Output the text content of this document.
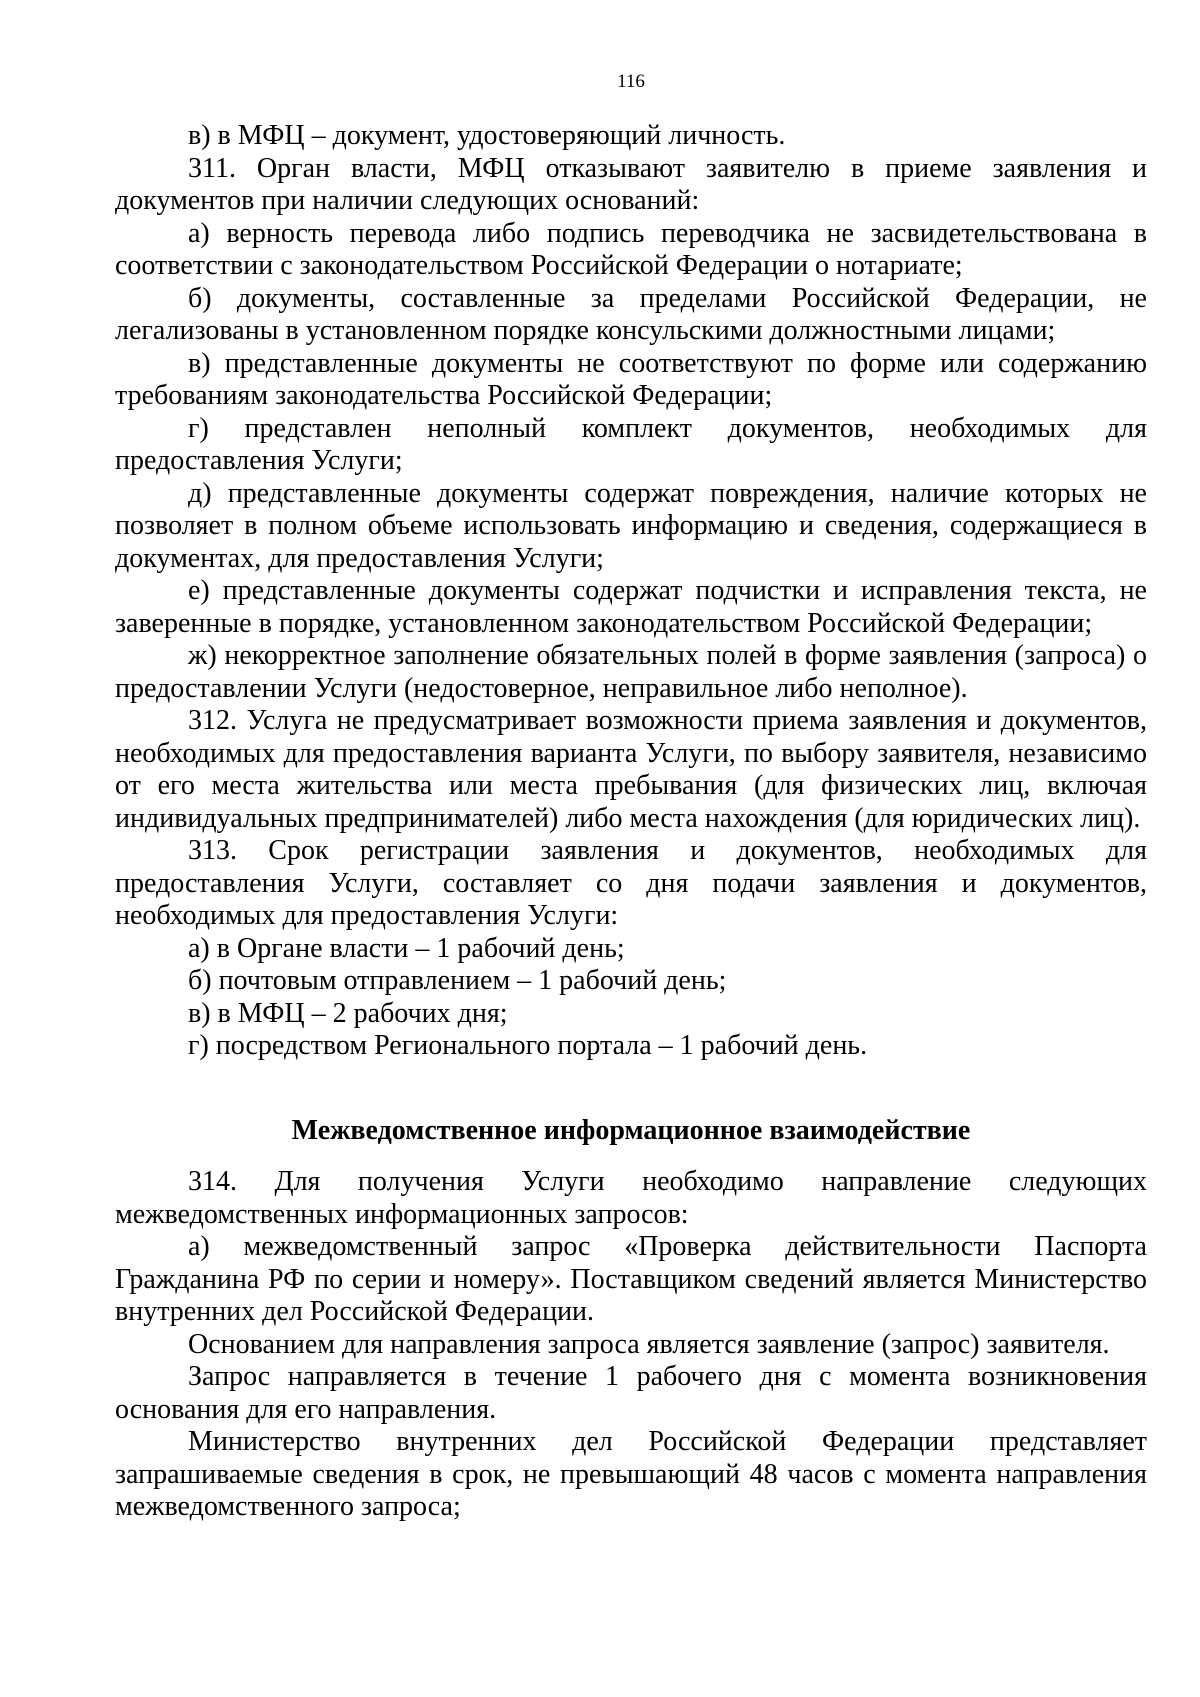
116

в) в МФЦ – документ, удостоверяющий личность.

311. Орган власти, МФЦ отказывают заявителю в приеме заявления и документов при наличии следующих оснований:

а) верность перевода либо подпись переводчика не засвидетельствована в соответствии с законодательством Российской Федерации о нотариате;

б) документы, составленные за пределами Российской Федерации, не легализованы в установленном порядке консульскими должностными лицами;

в) представленные документы не соответствуют по форме или содержанию требованиям законодательства Российской Федерации;

г) представлен неполный комплект документов, необходимых для предоставления Услуги;

д) представленные документы содержат повреждения, наличие которых не позволяет в полном объеме использовать информацию и сведения, содержащиеся в документах, для предоставления Услуги;

е) представленные документы содержат подчистки и исправления текста, не заверенные в порядке, установленном законодательством Российской Федерации;

ж) некорректное заполнение обязательных полей в форме заявления (запроса) о предоставлении Услуги (недостоверное, неправильное либо неполное).

312. Услуга не предусматривает возможности приема заявления и документов, необходимых для предоставления варианта Услуги, по выбору заявителя, независимо от его места жительства или места пребывания (для физических лиц, включая индивидуальных предпринимателей) либо места нахождения (для юридических лиц).

313. Срок регистрации заявления и документов, необходимых для предоставления Услуги, составляет со дня подачи заявления и документов, необходимых для предоставления Услуги:

а) в Органе власти – 1 рабочий день;

б) почтовым отправлением – 1 рабочий день;

в) в МФЦ – 2 рабочих дня;

г) посредством Регионального портала – 1 рабочий день.

Межведомственное информационное взаимодействие

314. Для получения Услуги необходимо направление следующих межведомственных информационных запросов:

а) межведомственный запрос «Проверка действительности Паспорта Гражданина РФ по серии и номеру». Поставщиком сведений является Министерство внутренних дел Российской Федерации.

Основанием для направления запроса является заявление (запрос) заявителя.

Запрос направляется в течение 1 рабочего дня с момента возникновения основания для его направления.

Министерство внутренних дел Российской Федерации представляет запрашиваемые сведения в срок, не превышающий 48 часов с момента направления межведомственного запроса;
